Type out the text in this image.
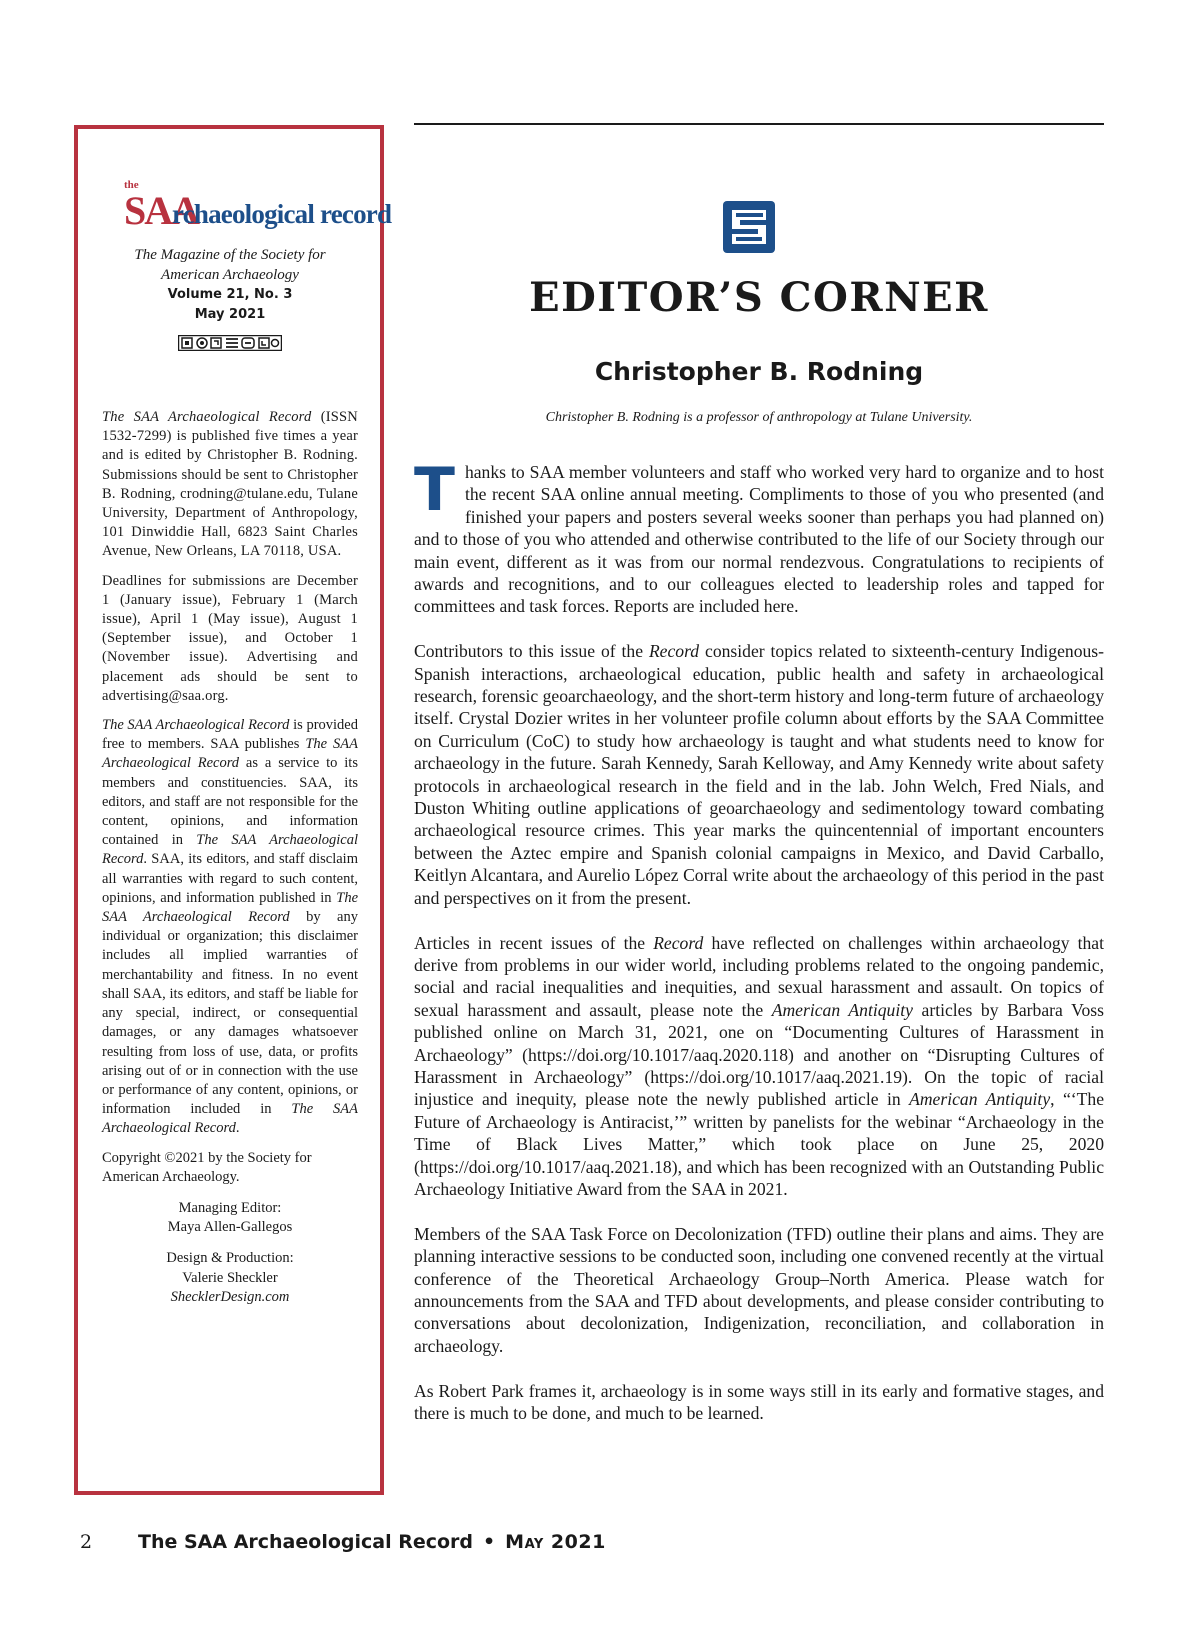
the
SAA
rchaeological record
The Magazine of the Society for
American Archaeology
Volume 21, No. 3
May 2021

The SAA Archaeological Record (ISSN 1532-7299) is published five times a year and is edited by Christopher B. Rodning. Submissions should be sent to Christopher B. Rodning, crodning@tulane.edu, Tulane University, Department of Anthropology, 101 Dinwiddie Hall, 6823 Saint Charles Avenue, New Orleans, LA 70118, USA.

Deadlines for submissions are December 1 (January issue), February 1 (March issue), April 1 (May issue), August 1 (September issue), and October 1 (November issue). Advertising and placement ads should be sent to advertising@saa.org.

The SAA Archaeological Record is provided free to members. SAA publishes The SAA Archaeological Record as a service to its members and constituencies. SAA, its editors, and staff are not responsible for the content, opinions, and information contained in The SAA Archaeological Record. SAA, its editors, and staff disclaim all warranties with regard to such content, opinions, and information published in The SAA Archaeological Record by any individual or organization; this disclaimer includes all implied warranties of merchantability and fitness. In no event shall SAA, its editors, and staff be liable for any special, indirect, or consequential damages, or any damages whatsoever resulting from loss of use, data, or profits arising out of or in connection with the use or performance of any content, opinions, or information included in The SAA Archaeological Record.

Copyright ©2021 by the Society for American Archaeology.

Managing Editor:
Maya Allen-Gallegos
Design & Production:
Valerie Sheckler
ShecklerDesign.com
EDITOR’S CORNER
Christopher B. Rodning
Christopher B. Rodning is a professor of anthropology at Tulane University.

Thanks to SAA member volunteers and staff who worked very hard to organize and to host the recent SAA online annual meeting. Compliments to those of you who presented (and finished your papers and posters several weeks sooner than perhaps you had planned on) and to those of you who attended and otherwise contributed to the life of our Society through our main event, different as it was from our normal rendezvous. Congratulations to recipients of awards and recognitions, and to our colleagues elected to leadership roles and tapped for committees and task forces. Reports are included here.

Contributors to this issue of the Record consider topics related to sixteenth-century Indigenous-Spanish interactions, archaeological education, public health and safety in archaeological research, forensic geoarchaeology, and the short-term history and long-term future of archaeology itself. Crystal Dozier writes in her volunteer profile column about efforts by the SAA Committee on Curriculum (CoC) to study how archaeology is taught and what students need to know for archaeology in the future. Sarah Kennedy, Sarah Kelloway, and Amy Kennedy write about safety protocols in archaeological research in the field and in the lab. John Welch, Fred Nials, and Duston Whiting outline applications of geoarchaeology and sedimentology toward combating archaeological resource crimes. This year marks the quincentennial of important encounters between the Aztec empire and Spanish colonial campaigns in Mexico, and David Carballo, Keitlyn Alcantara, and Aurelio López Corral write about the archaeology of this period in the past and perspectives on it from the present.

Articles in recent issues of the Record have reflected on challenges within archaeology that derive from problems in our wider world, including problems related to the ongoing pandemic, social and racial inequalities and inequities, and sexual harassment and assault. On topics of sexual harassment and assault, please note the American Antiquity articles by Barbara Voss published online on March 31, 2021, one on “Documenting Cultures of Harassment in Archaeology” (https://doi.org/10.1017/aaq.2020.118) and another on “Disrupting Cultures of Harassment in Archaeology” (https://doi.org/10.1017/aaq.2021.19). On the topic of racial injustice and inequity, please note the newly published article in American Antiquity, “‘The Future of Archaeology is Antiracist,’” written by panelists for the webinar “Archaeology in the Time of Black Lives Matter,” which took place on June 25, 2020 (https://doi.org/10.1017/aaq.2021.18), and which has been recognized with an Outstanding Public Archaeology Initiative Award from the SAA in 2021.

Members of the SAA Task Force on Decolonization (TFD) outline their plans and aims. They are planning interactive sessions to be conducted soon, including one convened recently at the virtual conference of the Theoretical Archaeology Group–North America. Please watch for announcements from the SAA and TFD about developments, and please consider contributing to conversations about decolonization, Indigenization, reconciliation, and collaboration in archaeology.

As Robert Park frames it, archaeology is in some ways still in its early and formative stages, and there is much to be done, and much to be learned.

2 The SAA Archaeological Record • May 2021
